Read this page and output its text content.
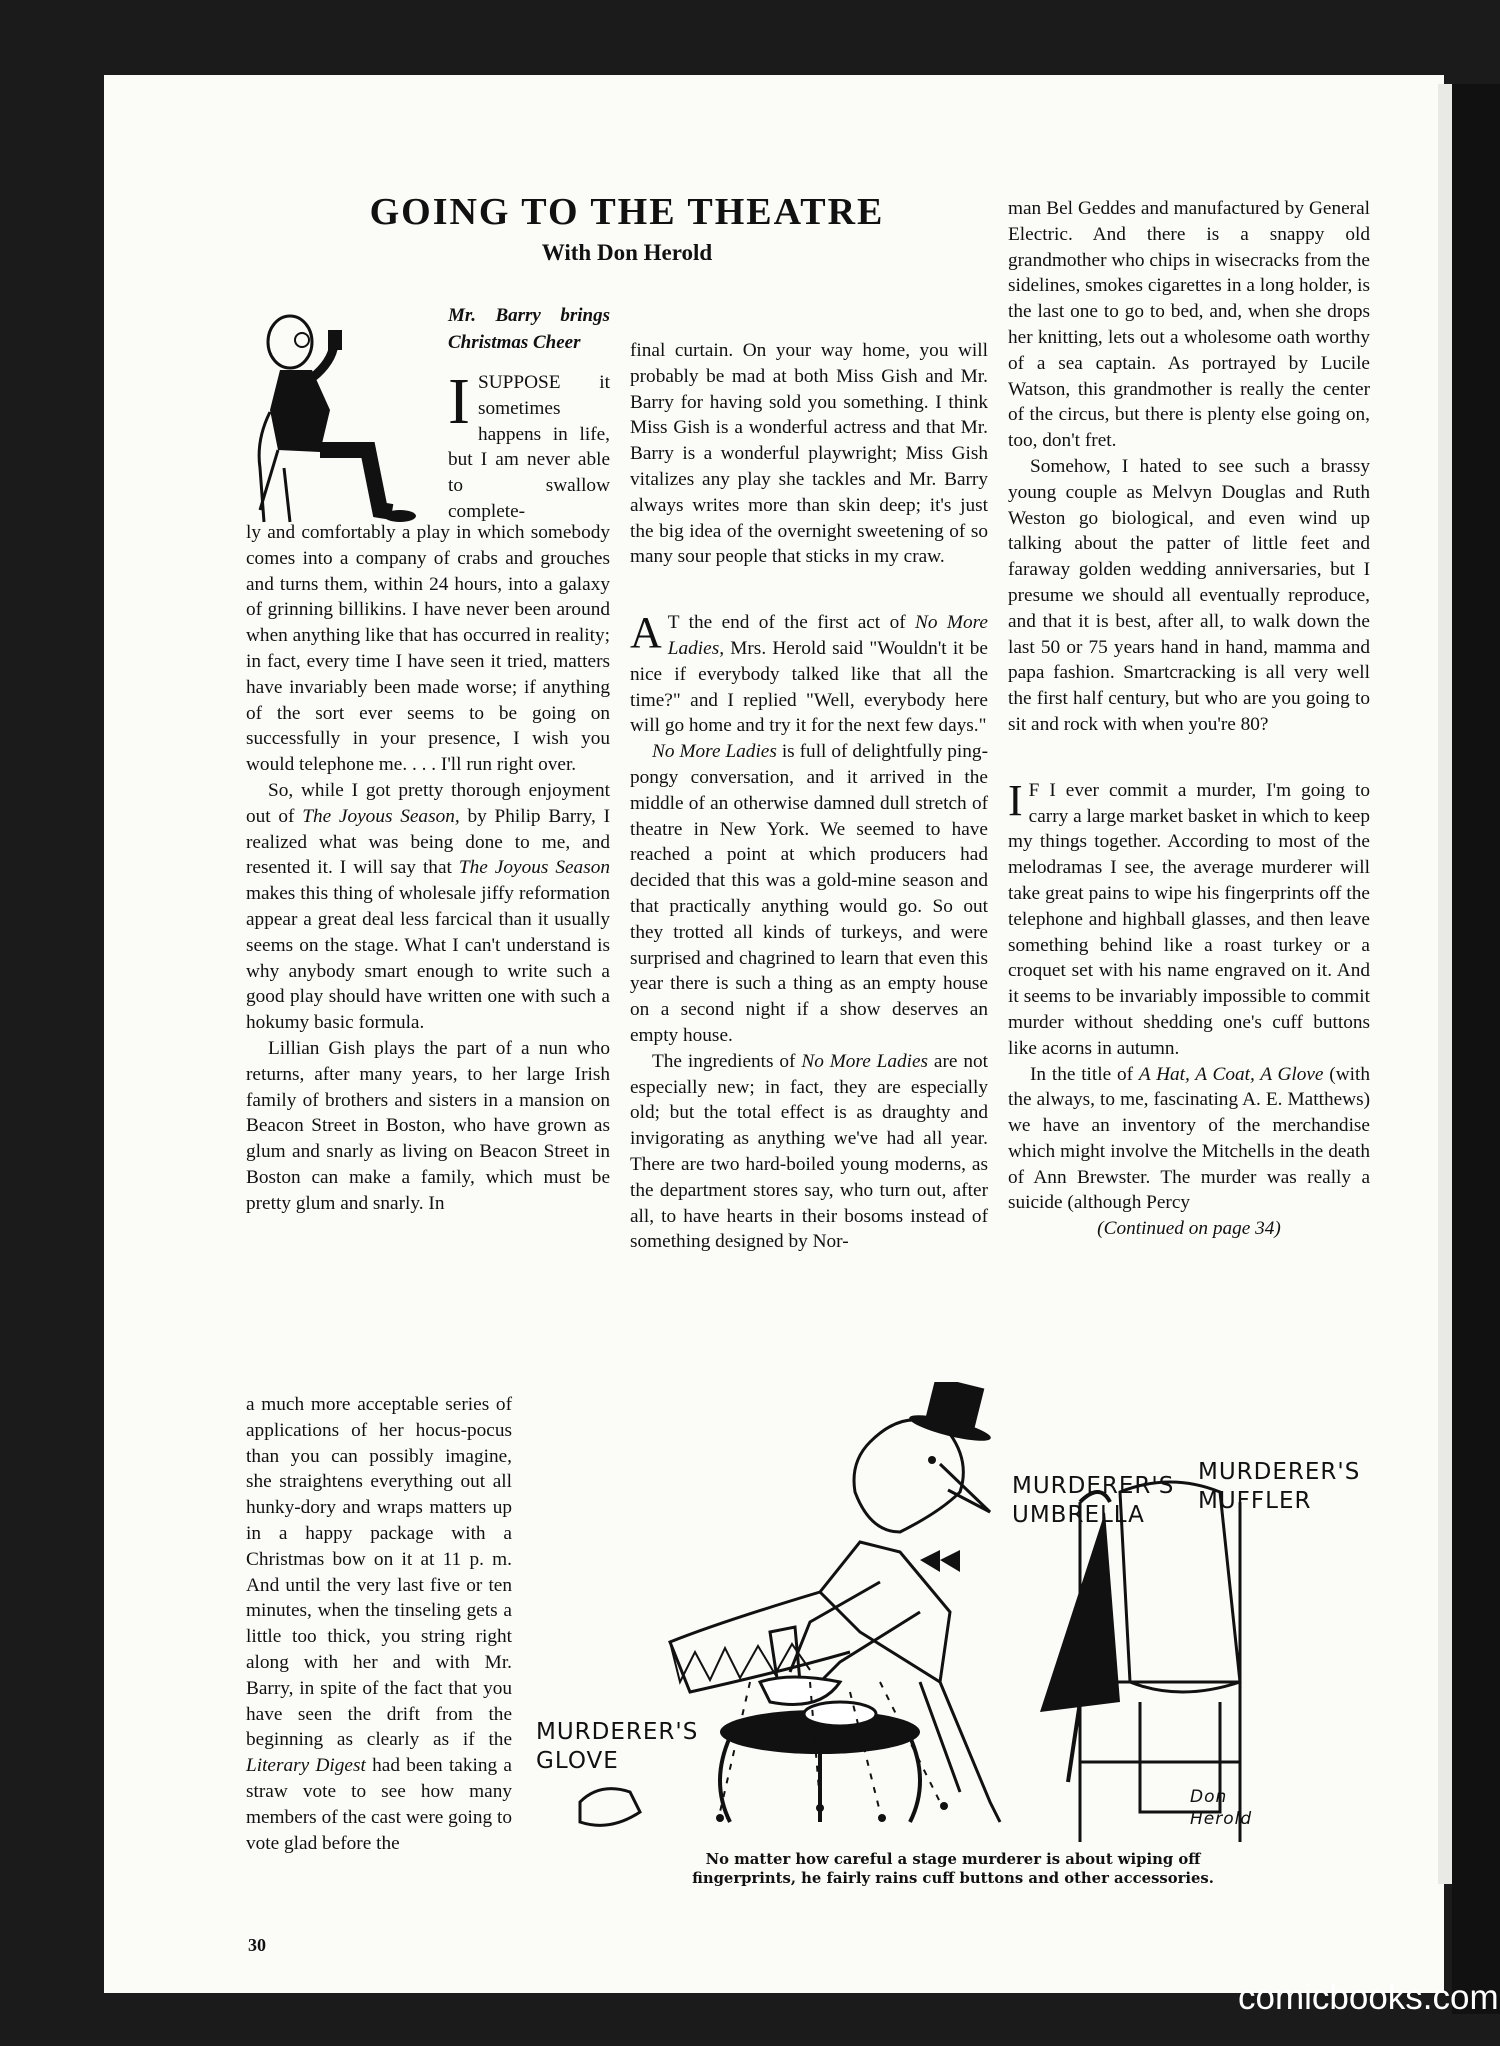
GOING TO THE THEATRE
With Don Herold

Mr. Barry brings Christmas Cheer

ISUPPOSE it sometimes happens in life, but I am never able to swallow complete-

ly and comfortably a play in which somebody comes into a company of crabs and grouches and turns them, within 24 hours, into a galaxy of grinning billikins. I have never been around when anything like that has occurred in reality; in fact, every time I have seen it tried, matters have invariably been made worse; if anything of the sort ever seems to be going on successfully in your presence, I wish you would telephone me. . . . I'll run right over.

So, while I got pretty thorough enjoyment out of The Joyous Season, by Philip Barry, I realized what was being done to me, and resented it. I will say that The Joyous Season makes this thing of wholesale jiffy reformation appear a great deal less farcical than it usually seems on the stage. What I can't understand is why anybody smart enough to write such a good play should have written one with such a hokumy basic formula.

Lillian Gish plays the part of a nun who returns, after many years, to her large Irish family of brothers and sisters in a mansion on Beacon Street in Boston, who have grown as glum and snarly as living on Beacon Street in Boston can make a family, which must be pretty glum and snarly. In

a much more acceptable series of applications of her hocus-pocus than you can possibly imagine, she straightens everything out all hunky-dory and wraps matters up in a happy package with a Christmas bow on it at 11 p. m. And until the very last five or ten minutes, when the tinseling gets a little too thick, you string right along with her and with Mr. Barry, in spite of the fact that you have seen the drift from the beginning as clearly as if the Literary Digest had been taking a straw vote to see how many members of the cast were going to vote glad before the

final curtain. On your way home, you will probably be mad at both Miss Gish and Mr. Barry for having sold you something. I think Miss Gish is a wonderful actress and that Mr. Barry is a wonderful playwright; Miss Gish vitalizes any play she tackles and Mr. Barry always writes more than skin deep; it's just the big idea of the overnight sweetening of so many sour people that sticks in my craw.

A T the end of the first act of No More Ladies, Mrs. Herold said "Wouldn't it be nice if everybody talked like that all the time?" and I replied "Well, everybody here will go home and try it for the next few days."

No More Ladies is full of delightfully ping-pongy conversation, and it arrived in the middle of an otherwise damned dull stretch of theatre in New York. We seemed to have reached a point at which producers had decided that this was a gold-mine season and that practically anything would go. So out they trotted all kinds of turkeys, and were surprised and chagrined to learn that even this year there is such a thing as an empty house on a second night if a show deserves an empty house.

The ingredients of No More Ladies are not especially new; in fact, they are especially old; but the total effect is as draughty and invigorating as anything we've had all year. There are two hard-boiled young moderns, as the department stores say, who turn out, after all, to have hearts in their bosoms instead of something designed by Nor-

man Bel Geddes and manufactured by General Electric. And there is a snappy old grandmother who chips in wisecracks from the sidelines, smokes cigarettes in a long holder, is the last one to go to bed, and, when she drops her knitting, lets out a wholesome oath worthy of a sea captain. As portrayed by Lucile Watson, this grandmother is really the center of the circus, but there is plenty else going on, too, don't fret.

Somehow, I hated to see such a brassy young couple as Melvyn Douglas and Ruth Weston go biological, and even wind up talking about the patter of little feet and faraway golden wedding anniversaries, but I presume we should all eventually reproduce, and that it is best, after all, to walk down the last 50 or 75 years hand in hand, mamma and papa fashion. Smartcracking is all very well the first half century, but who are you going to sit and rock with when you're 80?

I F I ever commit a murder, I'm going to carry a large market basket in which to keep my things together. According to most of the melodramas I see, the average murderer will take great pains to wipe his fingerprints off the telephone and highball glasses, and then leave something behind like a roast turkey or a croquet set with his name engraved on it. And it seems to be invariably impossible to commit murder without shedding one's cuff buttons like acorns in autumn.

In the title of A Hat, A Coat, A Glove (with the always, to me, fascinating A. E. Matthews) we have an inventory of the merchandise which might involve the Mitchells in the death of Ann Brewster. The murder was really a suicide (although Percy

(Continued on page 34)

MURDERER'S UMBRELLA
MURDERER'S MUFFLER
MURDERER'S GLOVE
Don Herold
No matter how careful a stage murderer is about wiping off fingerprints, he fairly rains cuff buttons and other accessories.
30
comicbooks.com
